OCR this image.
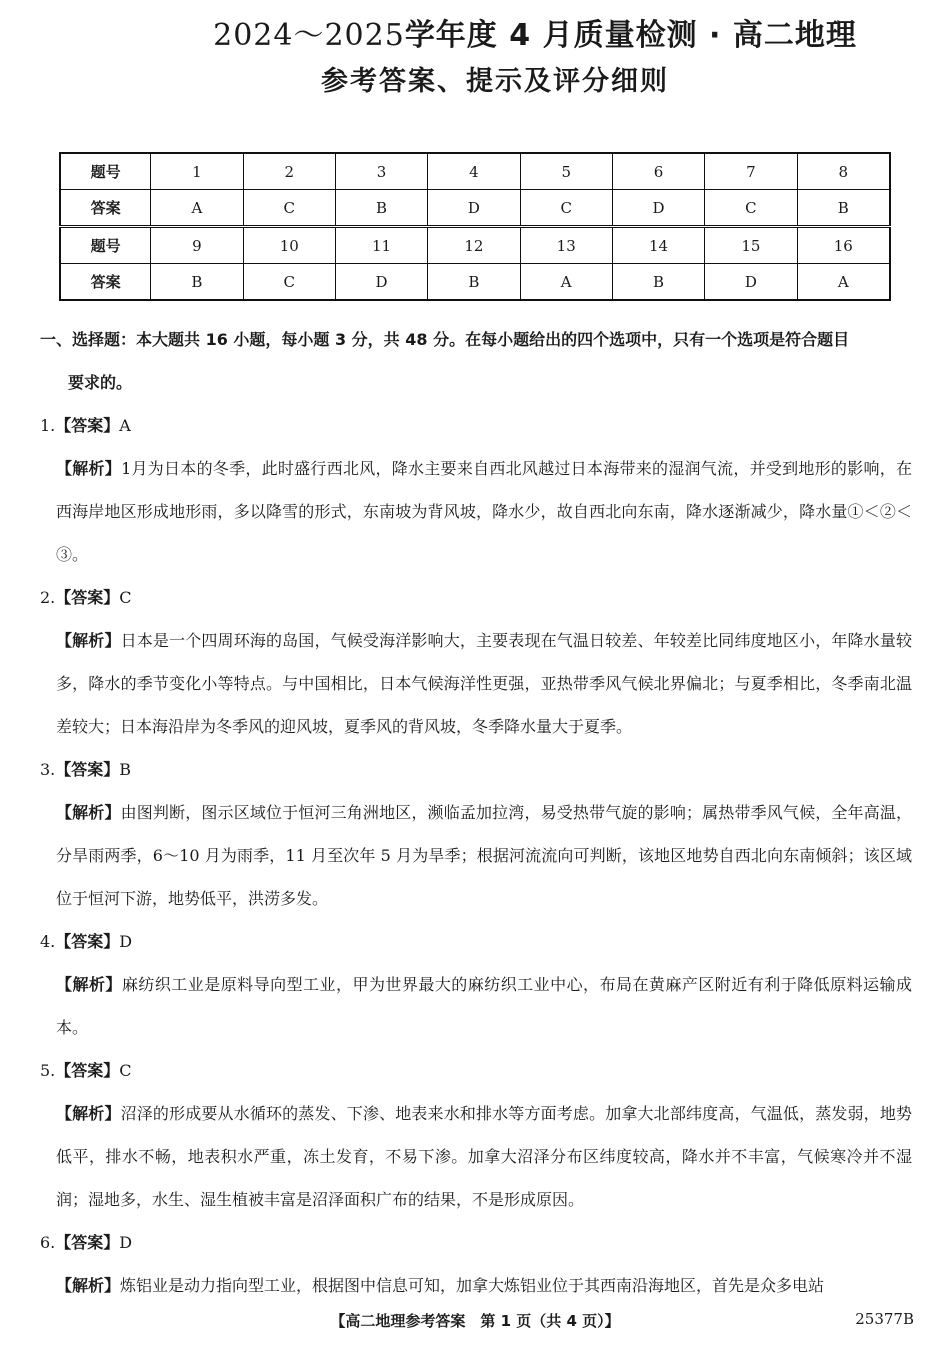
2024～2025学年度 4 月质量检测 · 高二地理
参考答案、提示及评分细则
题号	1	2	3	4	5	6	7	8
答案	A	C	B	D	C	D	C	B
题号	9	10	11	12	13	14	15	16
答案	B	C	D	B	A	B	D	A
一、选择题：本大题共 16 小题，每小题 3 分，共 48 分。在每小题给出的四个选项中，只有一个选项是符合题目
要求的。
1.【答案】A
【解析】1月为日本的冬季，此时盛行西北风，降水主要来自西北风越过日本海带来的湿润气流，并受到地形的影响，在西海岸地区形成地形雨，多以降雪的形式，东南坡为背风坡，降水少，故自西北向东南，降水逐渐减少，降水量①＜②＜③。
2.【答案】C
【解析】日本是一个四周环海的岛国，气候受海洋影响大，主要表现在气温日较差、年较差比同纬度地区小，年降水量较多，降水的季节变化小等特点。与中国相比，日本气候海洋性更强，亚热带季风气候北界偏北；与夏季相比，冬季南北温差较大；日本海沿岸为冬季风的迎风坡，夏季风的背风坡，冬季降水量大于夏季。
3.【答案】B
【解析】由图判断，图示区域位于恒河三角洲地区，濒临孟加拉湾，易受热带气旋的影响；属热带季风气候，全年高温，分旱雨两季，6～10 月为雨季，11 月至次年 5 月为旱季；根据河流流向可判断，该地区地势自西北向东南倾斜；该区域位于恒河下游，地势低平，洪涝多发。
4.【答案】D
【解析】麻纺织工业是原料导向型工业，甲为世界最大的麻纺织工业中心，布局在黄麻产区附近有利于降低原料运输成本。
5.【答案】C
【解析】沼泽的形成要从水循环的蒸发、下渗、地表来水和排水等方面考虑。加拿大北部纬度高，气温低，蒸发弱，地势低平，排水不畅，地表积水严重，冻土发育，不易下渗。加拿大沼泽分布区纬度较高，降水并不丰富，气候寒冷并不湿润；湿地多，水生、湿生植被丰富是沼泽面积广布的结果，不是形成原因。
6.【答案】D
【解析】炼铝业是动力指向型工业，根据图中信息可知，加拿大炼铝业位于其西南沿海地区，首先是众多电站
【高二地理参考答案　第 1 页（共 4 页）】	25377B
